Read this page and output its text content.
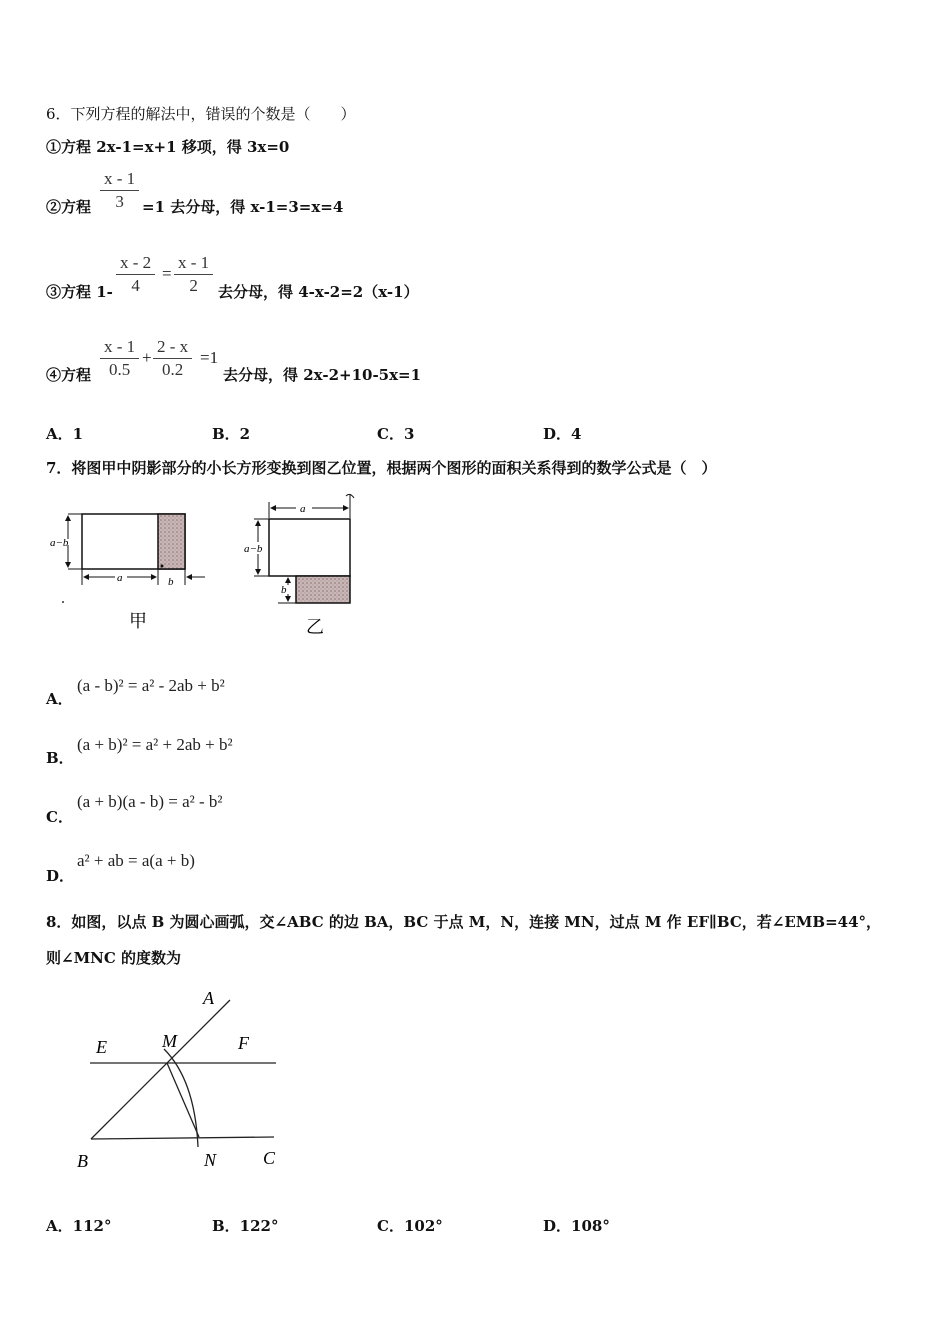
6．下列方程的解法中，错误的个数是（　　）
①方程 2x-1=x+1 移项，得 3x=0
②方程 $\frac{x - 1}{3} =1$ 去分母，得 x-1=3=x=4
③方程 $1- \frac{x - 2}{4} = \frac{x - 1}{2}$ 去分母，得 4-x-2=2（x-1）
④方程 $\frac{x - 1}{0.5} + \frac{2 - x}{0.2} =1$
去分母，得 2x-2+10-5x=1
A．1	B．2	C．3	D．4
7．将图甲中阴影部分的小长方形变换到图乙位置，根据两个图形的面积关系得到的数学公式是（　）
a−b
a	b
甲
a
a−b
b
乙
A．
(a - b)² = a² - 2ab + b²
B．
(a + b)² = a² + 2ab + b²
C．
(a + b)(a - b) = a² - b²
D．
a² + ab = a(a + b)
8．如图，以点 B 为圆心画弧，交∠ABC 的边 BA，BC 于点 M，N，连接 MN，过点 M 作 EF∥BC，若∠EMB=44°，
则∠MNC 的度数为
A
E	M	F
B	N	C
A．112°	B．122°	C．102°	D．108°
